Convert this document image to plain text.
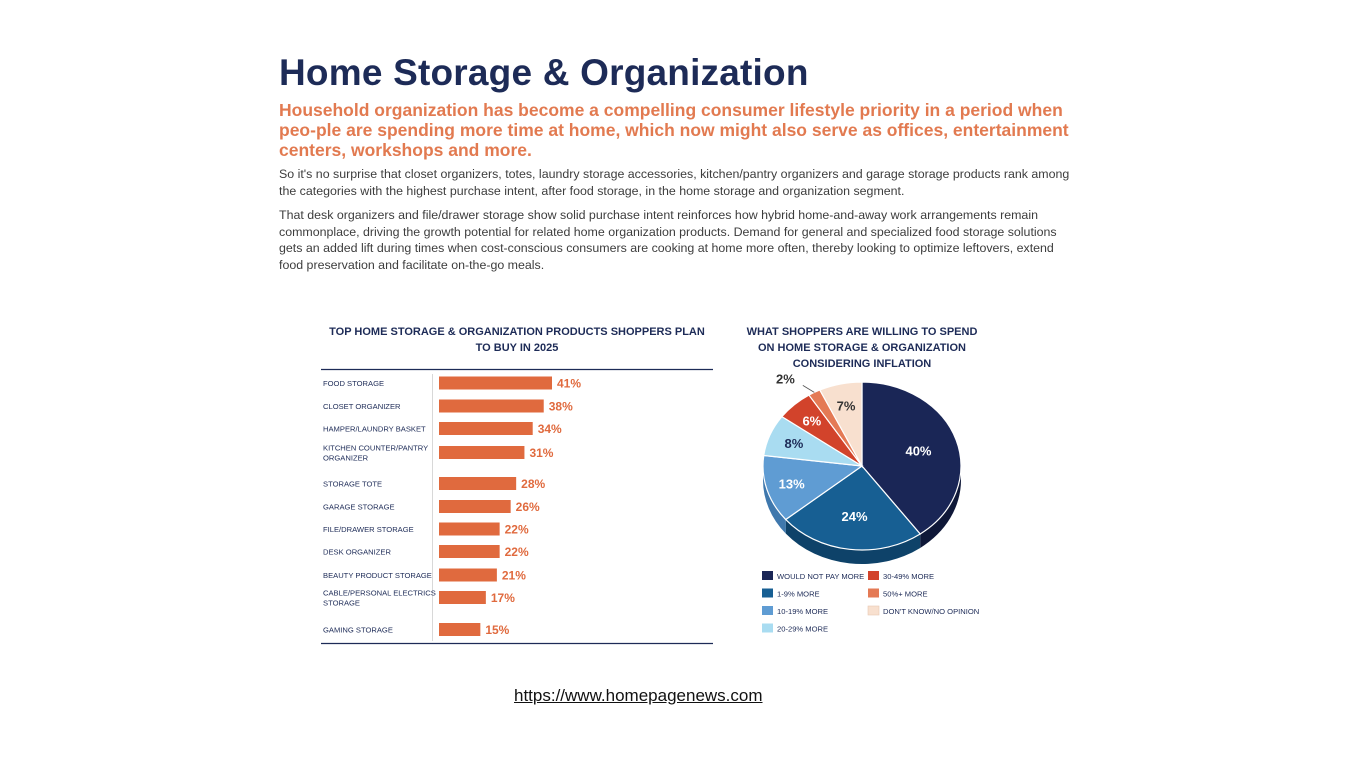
Home Storage & Organization

Household organization has become a compelling consumer lifestyle priority in a period when peo-ple are spending more time at home, which now might also serve as offices, entertainment centers, workshops and more.

So it's no surprise that closet organizers, totes, laundry storage accessories, kitchen/pantry organizers and garage storage products rank among the categories with the highest purchase intent, after food storage, in the home storage and organization segment.

That desk organizers and file/drawer storage show solid purchase intent reinforces how hybrid home-and-away work arrangements remain commonplace, driving the growth potential for related home organization products. Demand for general and specialized food storage solutions gets an added lift during times when cost-conscious consumers are cooking at home more often, thereby looking to optimize leftovers, extend food preservation and facilitate on-the-go meals.

TOP HOME STORAGE & ORGANIZATION PRODUCTS SHOPPERS PLAN
TO BUY IN 2025
41%
FOOD STORAGE
38%
CLOSET ORGANIZER
34%
HAMPER/LAUNDRY BASKET
31%
KITCHEN COUNTER/PANTRY
ORGANIZER
28%
STORAGE TOTE
26%
GARAGE STORAGE
22%
FILE/DRAWER STORAGE
22%
DESK ORGANIZER
21%
BEAUTY PRODUCT STORAGE
17%
CABLE/PERSONAL ELECTRICS
STORAGE
15%
GAMING STORAGE
WHAT SHOPPERS ARE WILLING TO SPEND
ON HOME STORAGE & ORGANIZATION
CONSIDERING INFLATION
40%
24%
13%
8%
6%
2%
7%
WOULD NOT PAY MORE 30-49% MORE
1-9% MORE	50%+ MORE
10-19% MORE	DON'T KNOW/NO OPINION
20-29% MORE
https://www.homepagenews.com
